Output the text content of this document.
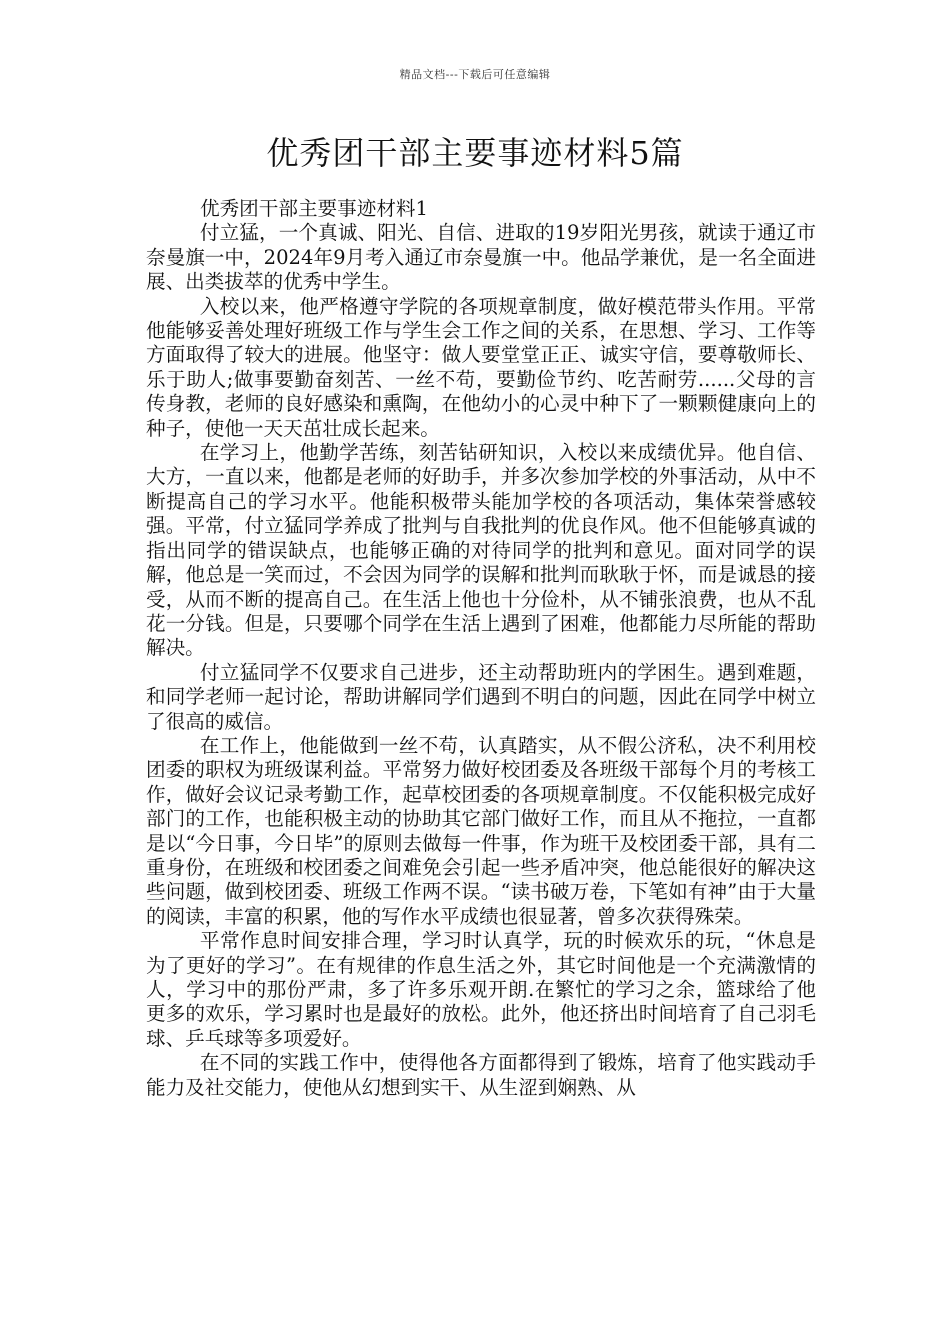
精品文档---下载后可任意编辑
优秀团干部主要事迹材料5篇
优秀团干部主要事迹材料1

付立猛，一个真诚、阳光、自信、进取的19岁阳光男孩，就读于通辽市奈曼旗一中，2024年9月考入通辽市奈曼旗一中。他品学兼优，是一名全面进展、出类拔萃的优秀中学生。

入校以来，他严格遵守学院的各项规章制度，做好模范带头作用。平常他能够妥善处理好班级工作与学生会工作之间的关系，在思想、学习、工作等方面取得了较大的进展。他坚守：做人要堂堂正正、诚实守信，要尊敬师长、乐于助人;做事要勤奋刻苦、一丝不苟，要勤俭节约、吃苦耐劳......父母的言传身教，老师的良好感染和熏陶，在他幼小的心灵中种下了一颗颗健康向上的种子，使他一天天茁壮成长起来。

在学习上，他勤学苦练，刻苦钻研知识，入校以来成绩优异。他自信、大方，一直以来，他都是老师的好助手，并多次参加学校的外事活动，从中不断提高自己的学习水平。他能积极带头能加学校的各项活动，集体荣誉感较强。平常，付立猛同学养成了批判与自我批判的优良作风。他不但能够真诚的指出同学的错误缺点，也能够正确的对待同学的批判和意见。面对同学的误解，他总是一笑而过，不会因为同学的误解和批判而耿耿于怀，而是诚恳的接受，从而不断的提高自己。在生活上他也十分俭朴，从不铺张浪费，也从不乱花一分钱。但是，只要哪个同学在生活上遇到了困难，他都能力尽所能的帮助解决。

付立猛同学不仅要求自己进步，还主动帮助班内的学困生。遇到难题，和同学老师一起讨论，帮助讲解同学们遇到不明白的问题，因此在同学中树立了很高的威信。

在工作上，他能做到一丝不苟，认真踏实，从不假公济私，决不利用校团委的职权为班级谋利益。平常努力做好校团委及各班级干部每个月的考核工作，做好会议记录考勤工作，起草校团委的各项规章制度。不仅能积极完成好部门的工作，也能积极主动的协助其它部门做好工作，而且从不拖拉，一直都是以“今日事，今日毕”的原则去做每一件事，作为班干及校团委干部，具有二重身份，在班级和校团委之间难免会引起一些矛盾冲突，他总能很好的解决这些问题，做到校团委、班级工作两不误。“读书破万卷，下笔如有神”由于大量的阅读，丰富的积累，他的写作水平成绩也很显著，曾多次获得殊荣。

平常作息时间安排合理，学习时认真学，玩的时候欢乐的玩，“休息是为了更好的学习”。在有规律的作息生活之外，其它时间他是一个充满激情的人，学习中的那份严肃，多了许多乐观开朗.在繁忙的学习之余，篮球给了他更多的欢乐，学习累时也是最好的放松。此外，他还挤出时间培育了自己羽毛球、乒乓球等多项爱好。

在不同的实践工作中，使得他各方面都得到了锻炼，培育了他实践动手能力及社交能力，使他从幻想到实干、从生涩到娴熟、从
